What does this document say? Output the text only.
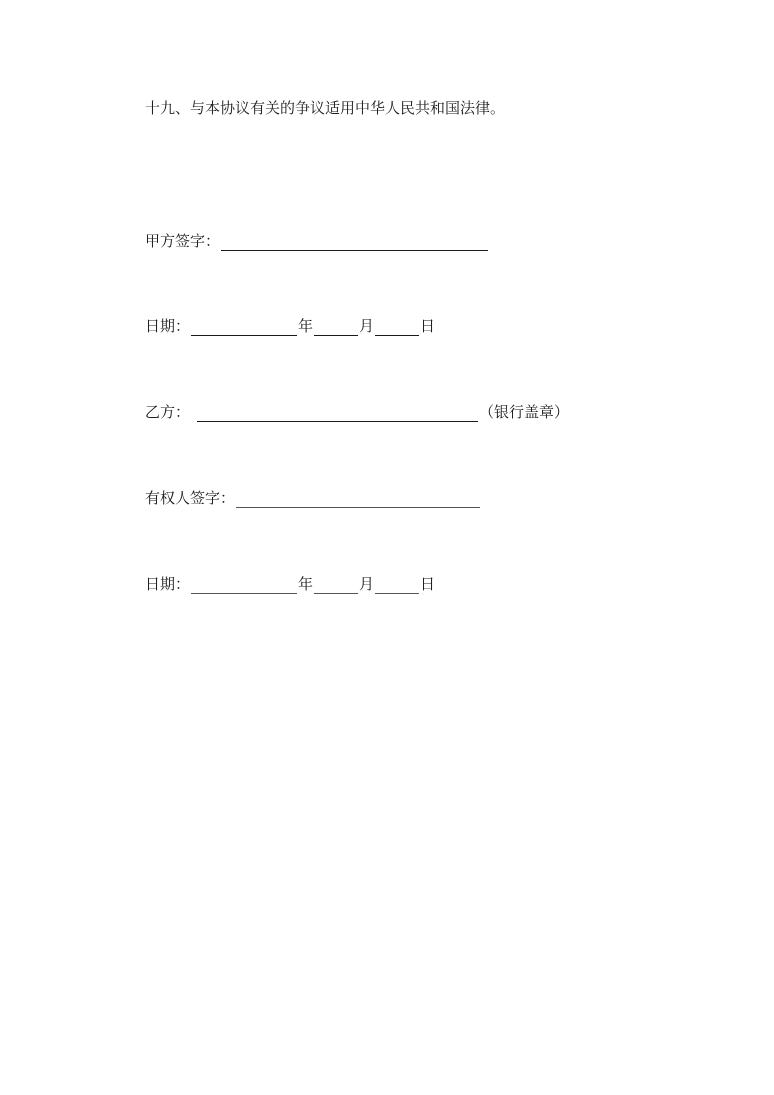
十九、与本协议有关的争议适用中华人民共和国法律。
甲方签字：
日期：	年	月	日
乙方：	（银行盖章）
有权人签字：
日期：	年	月	日
